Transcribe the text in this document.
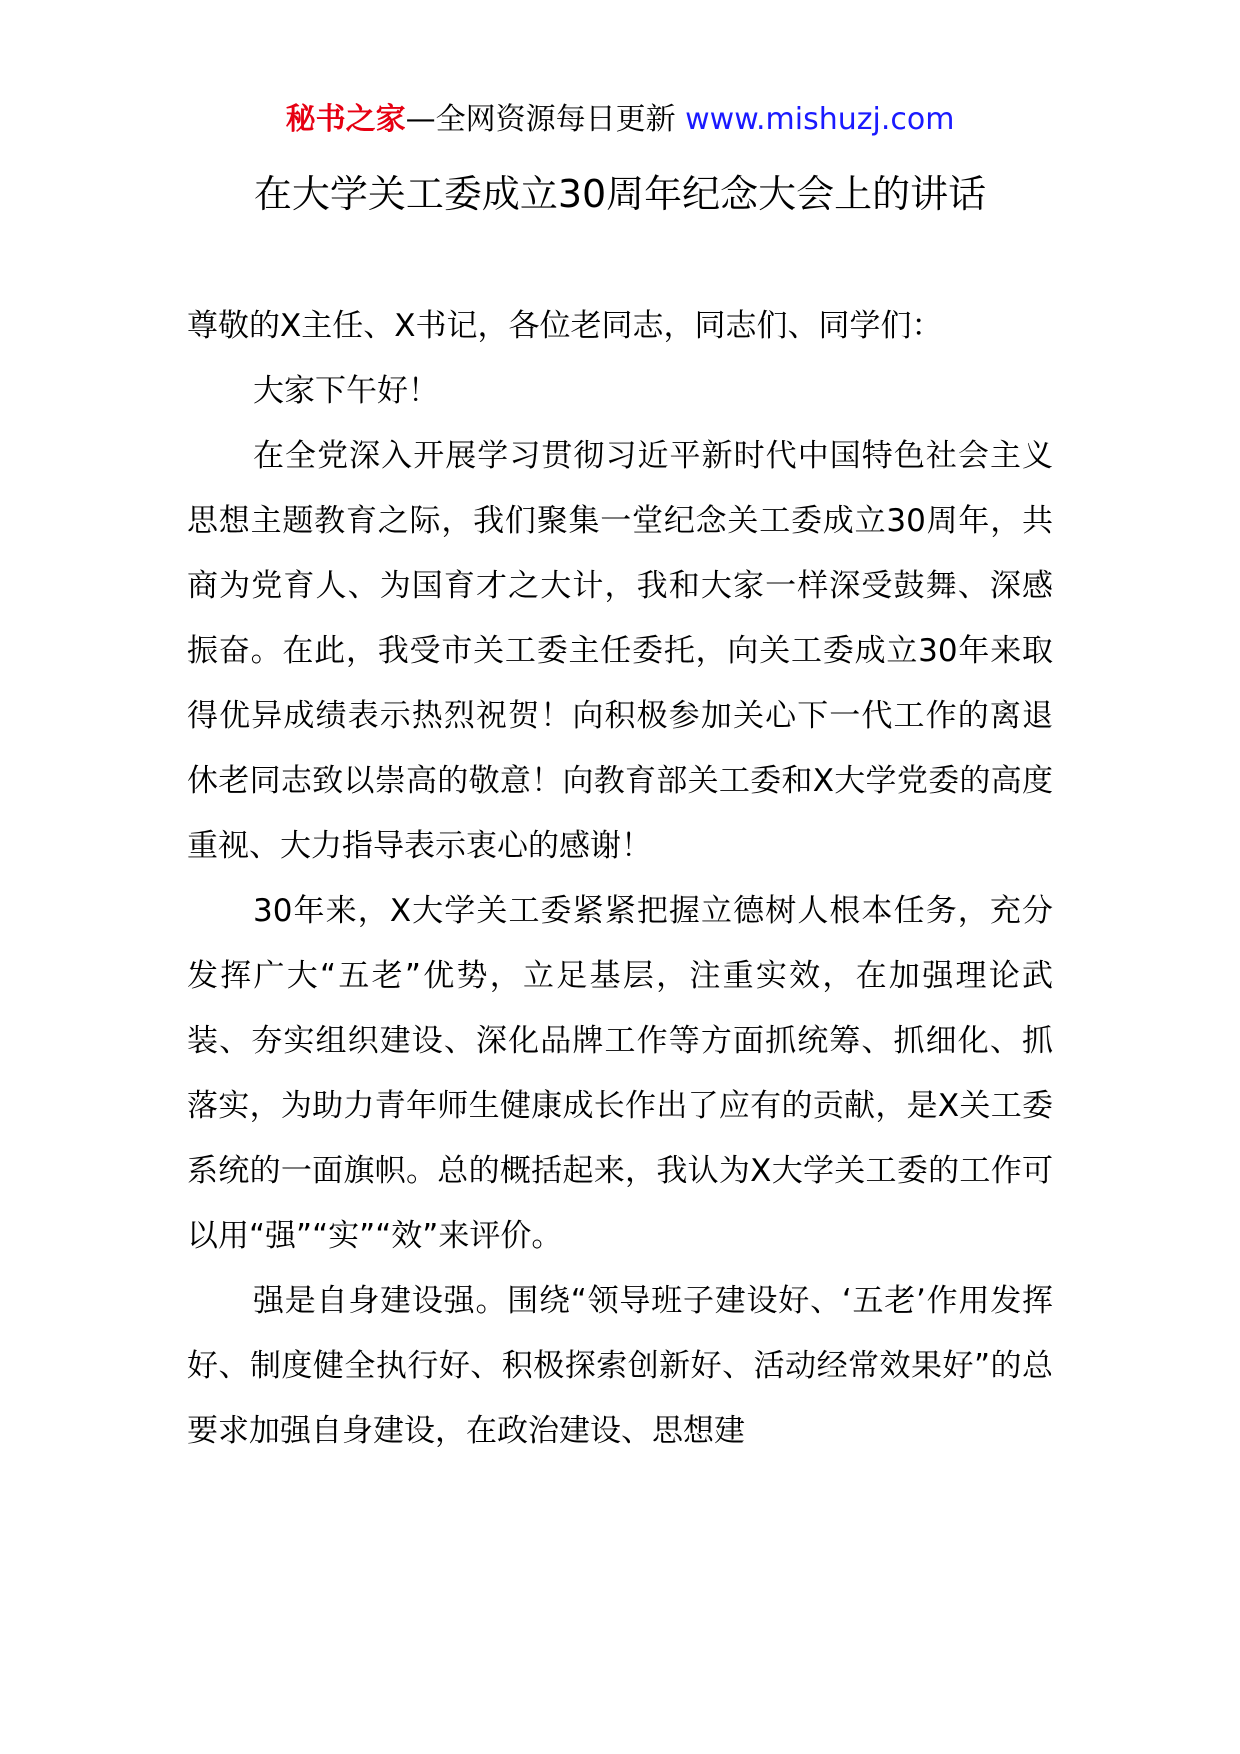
秘书之家—全网资源每日更新 www.mishuzj.com
在大学关工委成立30周年纪念大会上的讲话

尊敬的X主任、X书记，各位老同志，同志们、同学们：

大家下午好！

在全党深入开展学习贯彻习近平新时代中国特色社会主义思想主题教育之际，我们聚集一堂纪念关工委成立30周年，共商为党育人、为国育才之大计，我和大家一样深受鼓舞、深感振奋。在此，我受市关工委主任委托，向关工委成立30年来取得优异成绩表示热烈祝贺！向积极参加关心下一代工作的离退休老同志致以崇高的敬意！向教育部关工委和X大学党委的高度重视、大力指导表示衷心的感谢！

30年来，X大学关工委紧紧把握立德树人根本任务，充分发挥广大“五老”优势，立足基层，注重实效，在加强理论武装、夯实组织建设、深化品牌工作等方面抓统筹、抓细化、抓落实，为助力青年师生健康成长作出了应有的贡献，是X关工委系统的一面旗帜。总的概括起来，我认为X大学关工委的工作可以用“强”“实”“效”来评价。

强是自身建设强。围绕“领导班子建设好、‘五老’作用发挥好、制度健全执行好、积极探索创新好、活动经常效果好”的总要求加强自身建设，在政治建设、思想建
